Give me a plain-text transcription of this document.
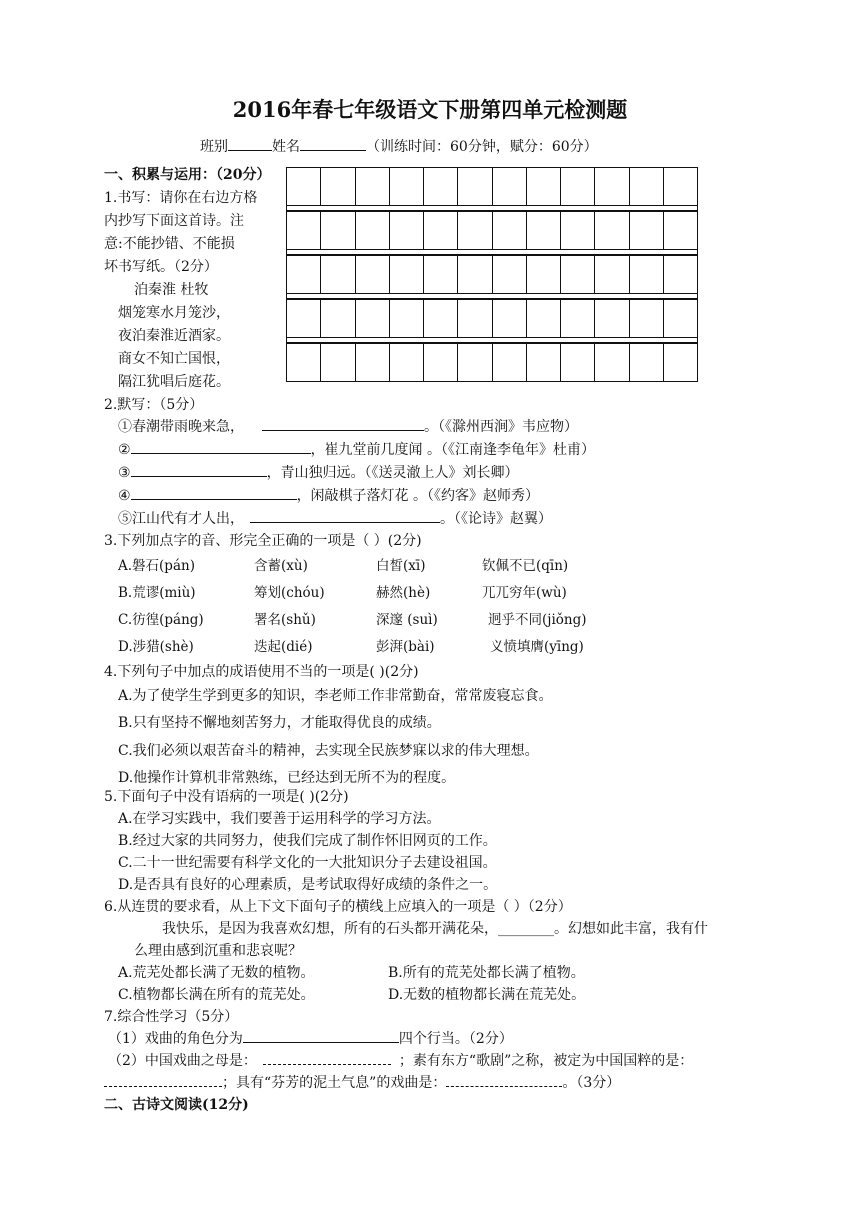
2016年春七年级语文下册第四单元检测题
班别	姓名	（训练时间：60分钟，赋分：60分）
一、积累与运用：（20分）
1.书写：请你在右边方格
内抄写下面这首诗。注
意:不能抄错、不能损
坏书写纸。（2分）
泊秦淮 杜牧
烟笼寒水月笼沙，
夜泊秦淮近酒家。
商女不知亡国恨，
隔江犹唱后庭花。
2.默写：（5分）
①春潮带雨晚来急，	。（《滁州西涧》韦应物）
②	，崔九堂前几度闻 。（《江南逢李龟年》杜甫）
③	，青山独归远。（《送灵澈上人》刘长卿）
④	，闲敲棋子落灯花 。（《约客》赵师秀）
⑤江山代有才人出，	。（《论诗》赵翼）
3.下列加点字的音、形完全正确的一项是（ ）(2分)
A.磐石(pán)	含蓄(xù)	白皙(xī)	钦佩不已(qīn)
B.荒谬(miù)	筹划(chóu)	赫然(hè)	兀兀穷年(wù)
C.彷徨(páng)	署名(shǔ)	深邃 (suì)	迥乎不同(jiǒng)
D.涉猎(shè)	迭起(dié)	彭湃(bài)	义愤填膺(yīng)
4.下列句子中加点的成语使用不当的一项是( )(2分)
A.为了使学生学到更多的知识，李老师工作非常勤奋，常常废寝忘食。
B.只有坚持不懈地刻苦努力，才能取得优良的成绩。
C.我们必须以艰苦奋斗的精神，去实现全民族梦寐以求的伟大理想。
D.他操作计算机非常熟练，已经达到无所不为的程度。
5.下面句子中没有语病的一项是( )(2分)
A.在学习实践中，我们要善于运用科学的学习方法。
B.经过大家的共同努力，使我们完成了制作怀旧网页的工作。
C.二十一世纪需要有科学文化的一大批知识分子去建设祖国。
D.是否具有良好的心理素质，是考试取得好成绩的条件之一。
6.从连贯的要求看，从上下文下面句子的横线上应填入的一项是（ ）（2分）
我快乐，是因为我喜欢幻想，所有的石头都开满花朵，________。幻想如此丰富，我有什
么理由感到沉重和悲哀呢？
A.荒芜处都长满了无数的植物。	B.所有的荒芜处都长满了植物。
C.植物都长满在所有的荒芜处。	D.无数的植物都长满在荒芜处。
7.综合性学习（5分）
（1）戏曲的角色分为	四个行当。（2分）
（2）中国戏曲之母是：	；素有东方“歌剧”之称，被定为中国国粹的是：
；具有“芬芳的泥土气息”的戏曲是：	。（3分）
二、古诗文阅读(12分)
